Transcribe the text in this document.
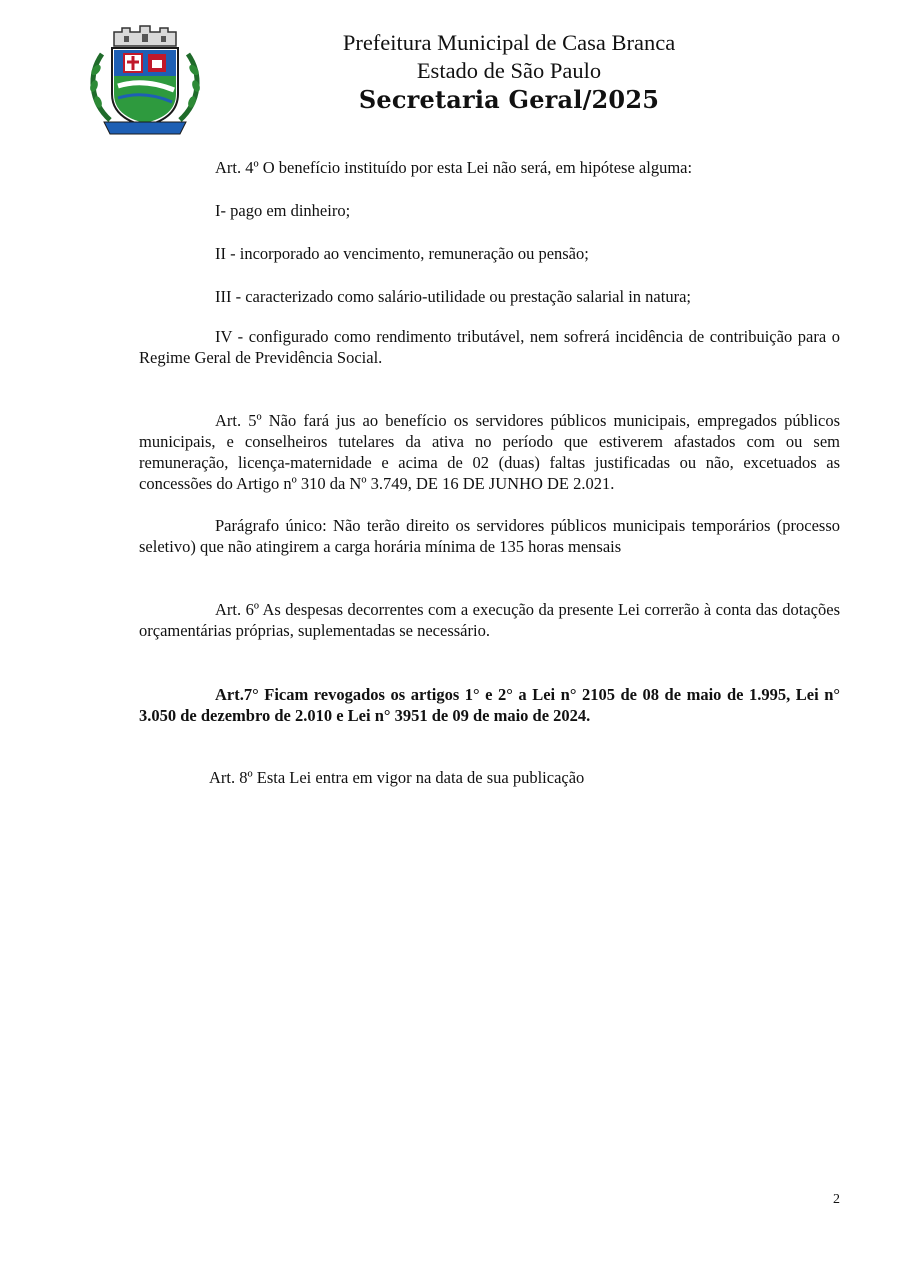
Prefeitura Municipal de Casa Branca
Estado de São Paulo
Secretaria Geral/2025

Art. 4º O benefício instituído por esta Lei não será, em hipótese alguma:

I- pago em dinheiro;

II - incorporado ao vencimento, remuneração ou pensão;

III - caracterizado como salário-utilidade ou prestação salarial in natura;

IV - configurado como rendimento tributável, nem sofrerá incidência de contribuição para o Regime Geral de Previdência Social.

Art. 5º Não fará jus ao benefício os servidores públicos municipais, empregados públicos municipais, e conselheiros tutelares da ativa no período que estiverem afastados com ou sem remuneração, licença-maternidade e acima de 02 (duas) faltas justificadas ou não, excetuados as concessões do Artigo nº 310 da Nº 3.749, DE 16 DE JUNHO DE 2.021.

Parágrafo único: Não terão direito os servidores públicos municipais temporários (processo seletivo) que não atingirem a carga horária mínima de 135 horas mensais

Art. 6º As despesas decorrentes com a execução da presente Lei correrão à conta das dotações orçamentárias próprias, suplementadas se necessário.

Art.7° Ficam revogados os artigos 1° e 2° a Lei n° 2105 de 08 de maio de 1.995, Lei n° 3.050 de dezembro de 2.010 e Lei n° 3951 de 09 de maio de 2024.

Art. 8º Esta Lei entra em vigor na data de sua publicação

2
